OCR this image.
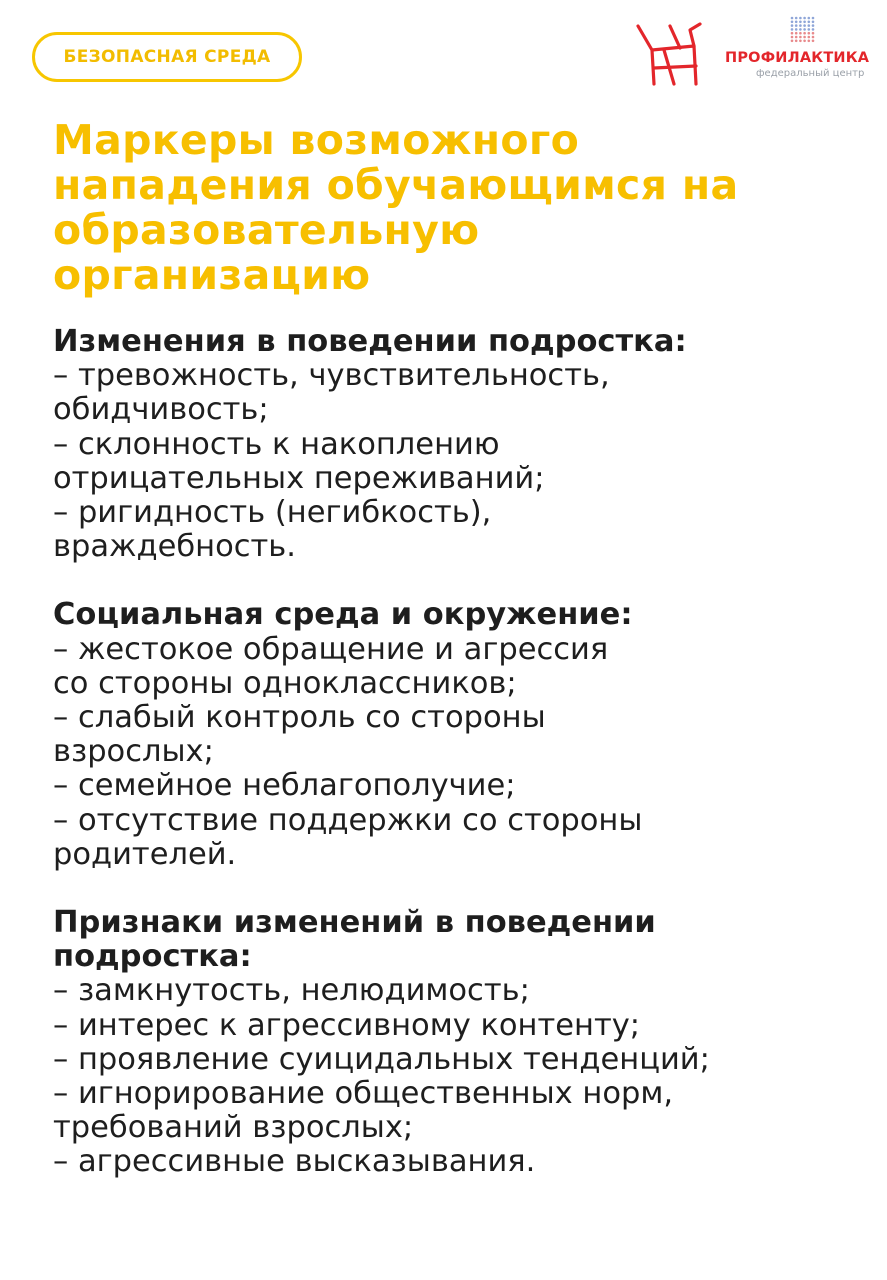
БЕЗОПАСНАЯ СРЕДА	ПРОФИЛАКТИКА
федеральный центр
Маркеры возможного
нападения обучающимся на
образовательную
организацию
Изменения в поведении подростка:
– тревожность, чувствительность,
обидчивость;
– склонность к накоплению
отрицательных переживаний;
– ригидность (негибкость),
враждебность.
Социальная среда и окружение:
– жестокое обращение и агрессия
со стороны одноклассников;
– слабый контроль со стороны
взрослых;
– семейное неблагополучие;
– отсутствие поддержки со стороны
родителей.
Признаки изменений в поведении
подростка:
– замкнутость, нелюдимость;
– интерес к агрессивному контенту;
– проявление суицидальных тенденций;
– игнорирование общественных норм,
требований взрослых;
– агрессивные высказывания.
